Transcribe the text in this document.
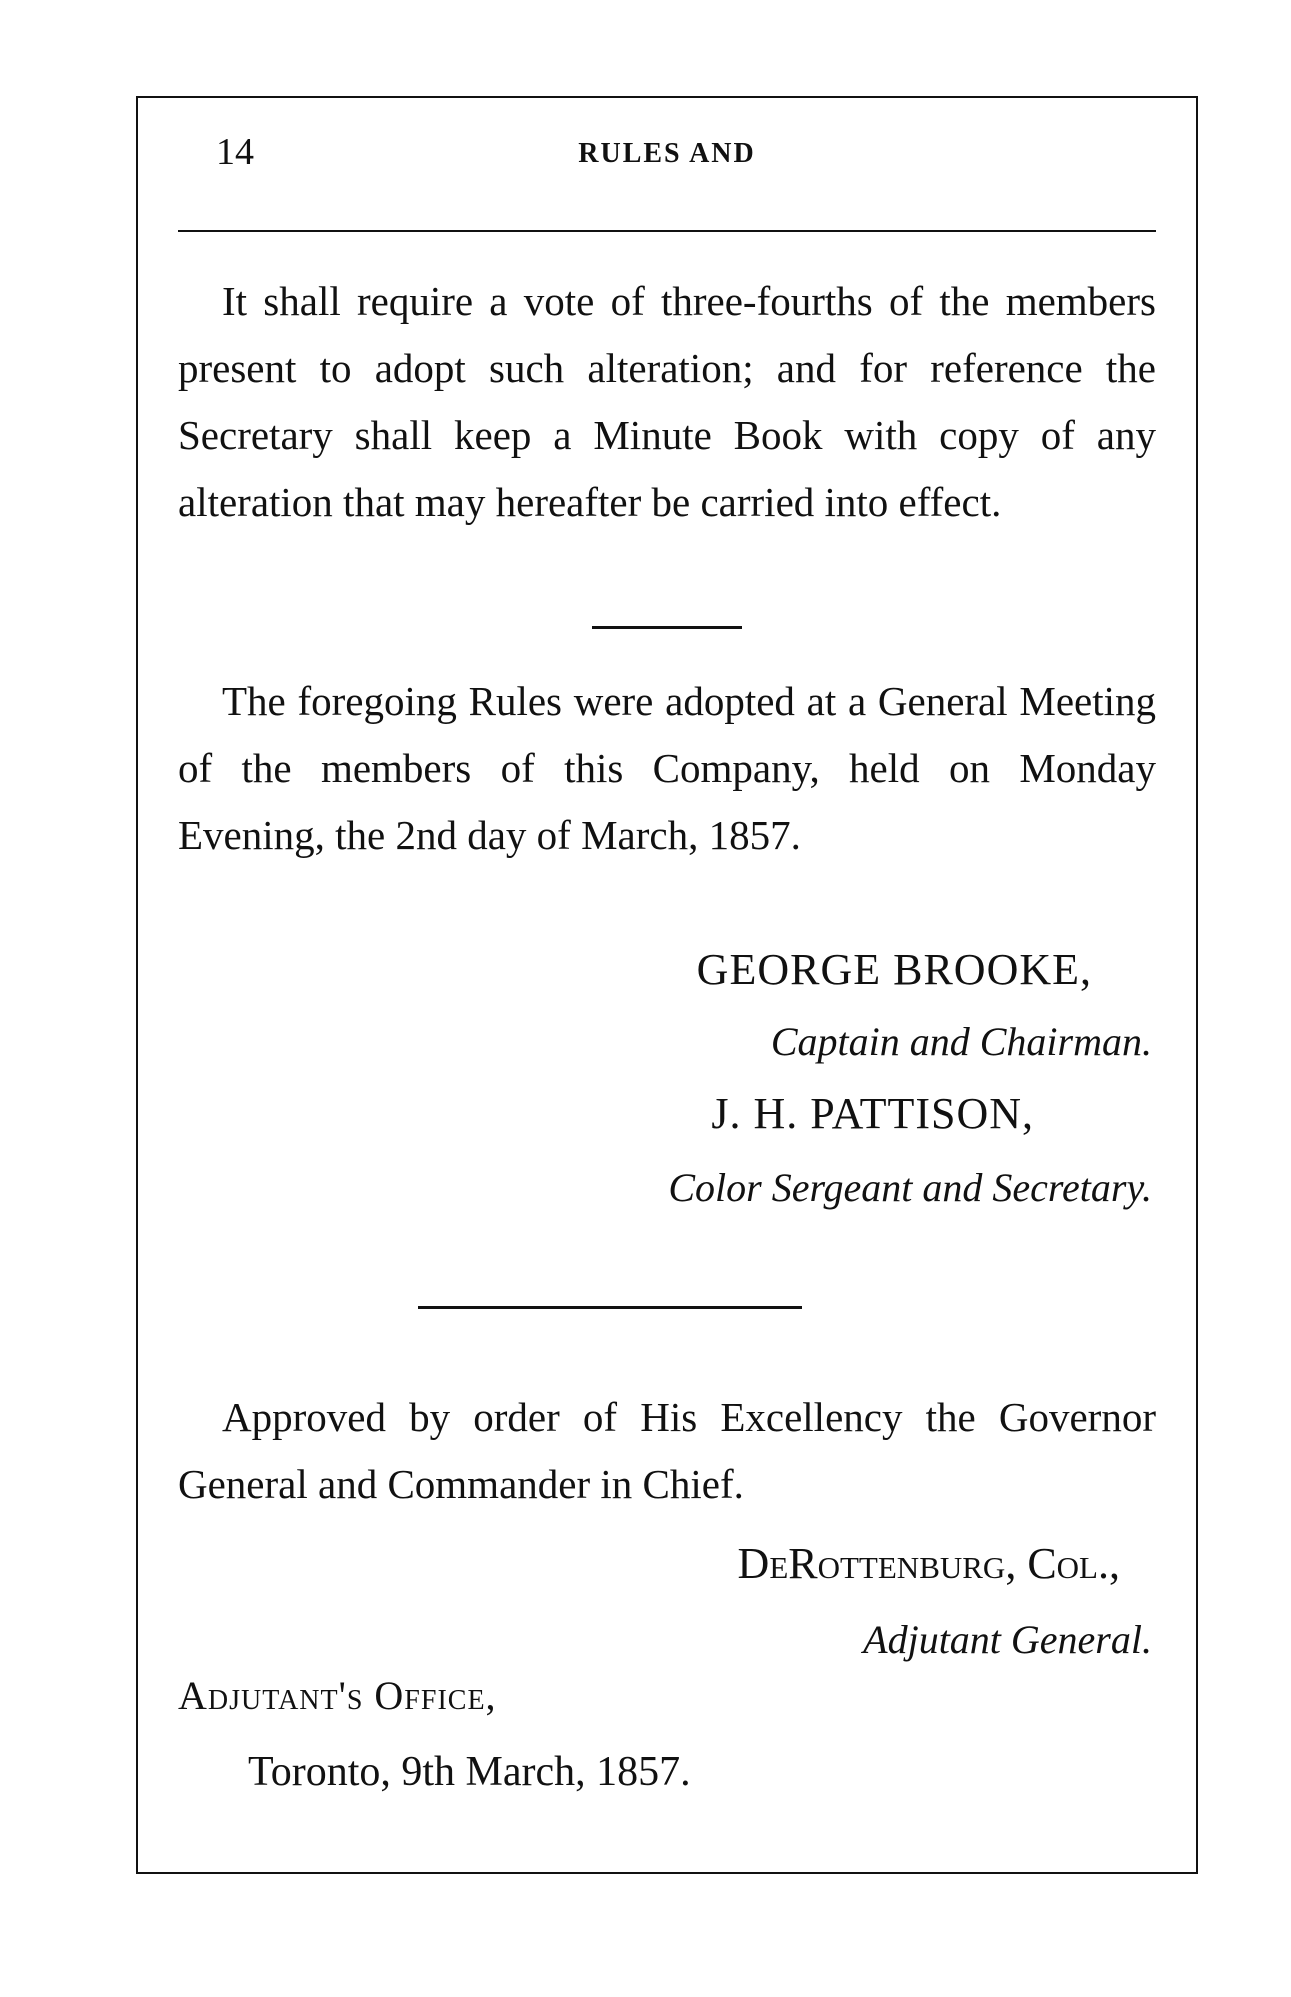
14	RULES AND

It shall require a vote of three-fourths of the members present to adopt such alteration; and for reference the Secretary shall keep a Minute Book with copy of any alteration that may hereafter be carried into effect.

The foregoing Rules were adopted at a General Meeting of the members of this Company, held on Monday Evening, the 2nd day of March, 1857.

GEORGE BROOKE,
Captain and Chairman.
J. H. PATTISON,
Color Sergeant and Secretary.

Approved by order of His Excellency the Governor General and Commander in Chief.

DeRottenburg, Col.,
Adjutant General.
Adjutant's Office,
Toronto, 9th March, 1857.
